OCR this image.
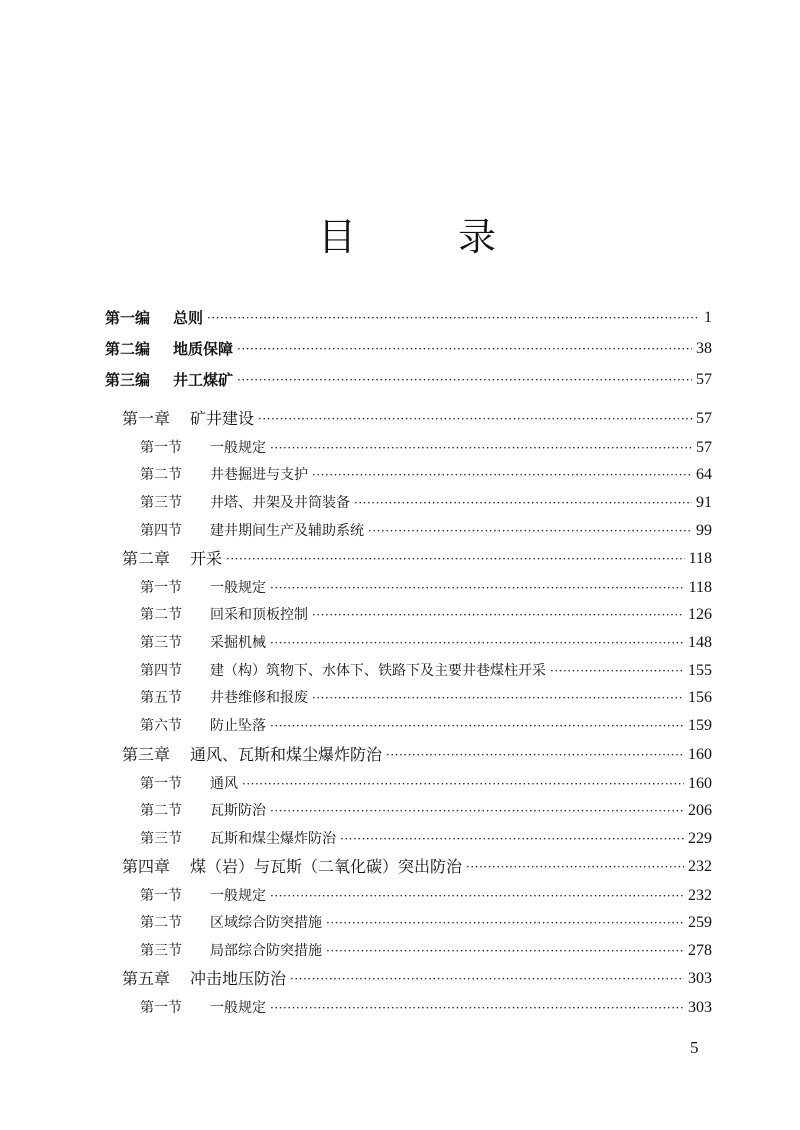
目	录
第一编	总则 ·····	1
第二编	地质保障 ·····	38
第三编	井工煤矿 ·····	57
第一章	矿井建设 ·····	57
第一节	一般规定 ·····	57
第二节	井巷掘进与支护 ·····	64
第三节	井塔、井架及井筒装备 ·····	91
第四节	建井期间生产及辅助系统 ·····	99
第二章	开采 ·····	118
第一节	一般规定 ·····	118
第二节	回采和顶板控制 ·····	126
第三节	采掘机械 ·····	148
第四节	建（构）筑物下、水体下、铁路下及主要井巷煤柱开采 ·····	155
第五节	井巷维修和报废 ·····	156
第六节	防止坠落 ·····	159
第三章	通风、瓦斯和煤尘爆炸防治 ·····	160
第一节	通风 ·····	160
第二节	瓦斯防治 ·····	206
第三节	瓦斯和煤尘爆炸防治 ·····	229
第四章	煤（岩）与瓦斯（二氧化碳）突出防治 ·····	232
第一节	一般规定 ·····	232
第二节	区域综合防突措施 ·····	259
第三节	局部综合防突措施 ·····	278
第五章	冲击地压防治 ·····	303
第一节	一般规定 ·····	303
5
